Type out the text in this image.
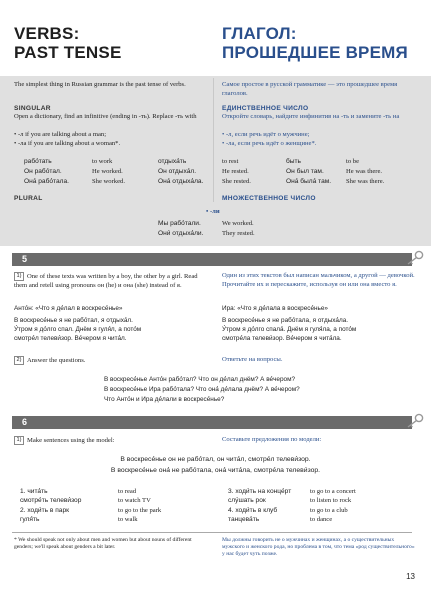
VERBS:
PAST TENSE
ГЛАГОЛ:
ПРОШЕДШЕЕ ВРЕМЯ
The simplest thing in Russian grammar is the past tense of verbs.	Самое простое в русской грамматике — это прошедшее время глаголов.
SINGULAR	ЕДИНСТВЕННОЕ ЧИСЛО
Open a dictionary, find an infinitive (ending in -ть). Replace -ть with	Откройте словарь, найдите инфинитив на -ть и замените -ть на
• -л if you are talking about a man;
• -ла if you are talking about a woman*.
• -л, если речь идёт о мужчине;
• -ла, если речь идёт о женщине*.
рабо́тать	to work
Он рабо́тал.	He worked.
Она́ рабо́тала.	She worked.
отдыха́ть	to rest
Он отдыха́л.	He rested.
Она́ отдыха́ла.	She rested.
быть	to be
Он был там.	He was there.
Она́ была́ там. She was there.
PLURAL	МНОЖЕСТВЕННОЕ ЧИСЛО
• -ли
Мы рабо́тали.	We worked.
Они́ отдыха́ли.	They rested.
5
1) One of these texts was written by a boy, the other by a girl. Read them and retell using pronouns он (he) и она (she) instead of я.
Один из этих текстов был написан мальчиком, а другой — девочкой. Прочитайте их и перескажите, используя он или она вместо я.
Анто́н: «Что я де́лал в воскресе́нье»
В воскресе́нье я не рабо́тал, я отдыха́л.
У́тром я до́лго спал. Днём я гуля́л, а пото́м
смотре́л телеви́зор. Ве́чером я чита́л.
Ира: «Что я де́лала в воскресе́нье»
В воскресе́нье я не рабо́тала, я отдыха́ла.
У́тром я до́лго спала́. Днём я гуля́ла, а пото́м
смотре́ла телеви́зор. Ве́чером я чита́ла.
2) Answer the questions.	Ответьте на вопросы.
В воскресе́нье Анто́н рабо́тал? Что он де́лал днём? А ве́чером?
В воскресе́нье Ира рабо́тала? Что она́ де́лала днём? А ве́чером?
Что Анто́н и Ира де́лали в воскресе́нье?
6
1) Make sentences using the model:	Составьте предложения по модели:
В воскресе́нье он не рабо́тал, он чита́л, смотре́л телеви́зор.
В воскресе́нье она́ не рабо́тала, она́ чита́ла, смотре́ла телеви́зор.
1. чита́ть	to read
смотре́ть телеви́зор	to watch TV
2. ходи́ть в парк	to go to the park
гуля́ть	to walk
3. ходи́ть на конце́рт	to go to a concert
слу́шать рок	to listen to rock
4. ходи́ть в клуб	to go to a club
танцева́ть	to dance
* We should speak not only about men and women but about nouns of different genders; we'll speak about genders a bit later.
Мы должны говорить не о мужчинах и женщинах, а о существительных мужского и женского рода, но проблема в том, что тема «род существительного» у нас будет чуть позже.
13
